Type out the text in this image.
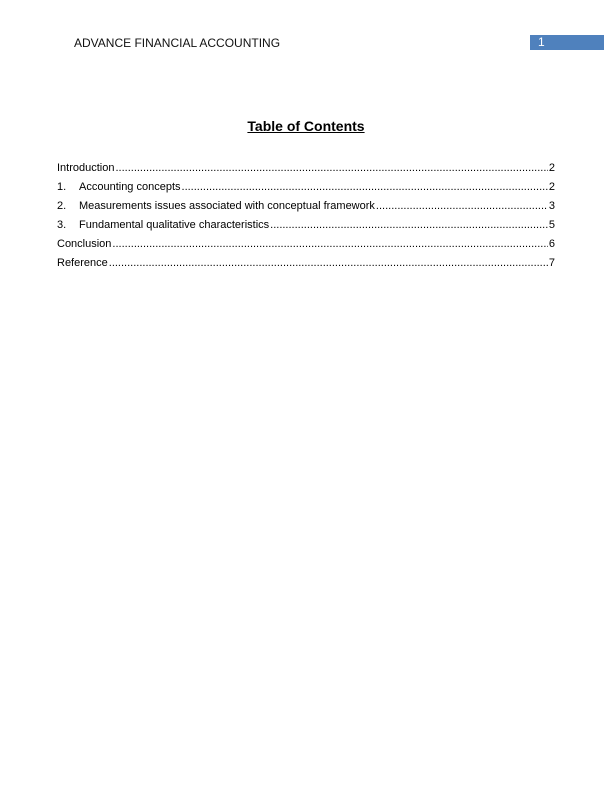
ADVANCE FINANCIAL ACCOUNTING	1
Table of Contents
Introduction .....	2
1.	Accounting concepts .....	2
2.	Measurements issues associated with conceptual framework .....	3
3.	Fundamental qualitative characteristics .....	5
Conclusion .....	6
Reference .....	7
